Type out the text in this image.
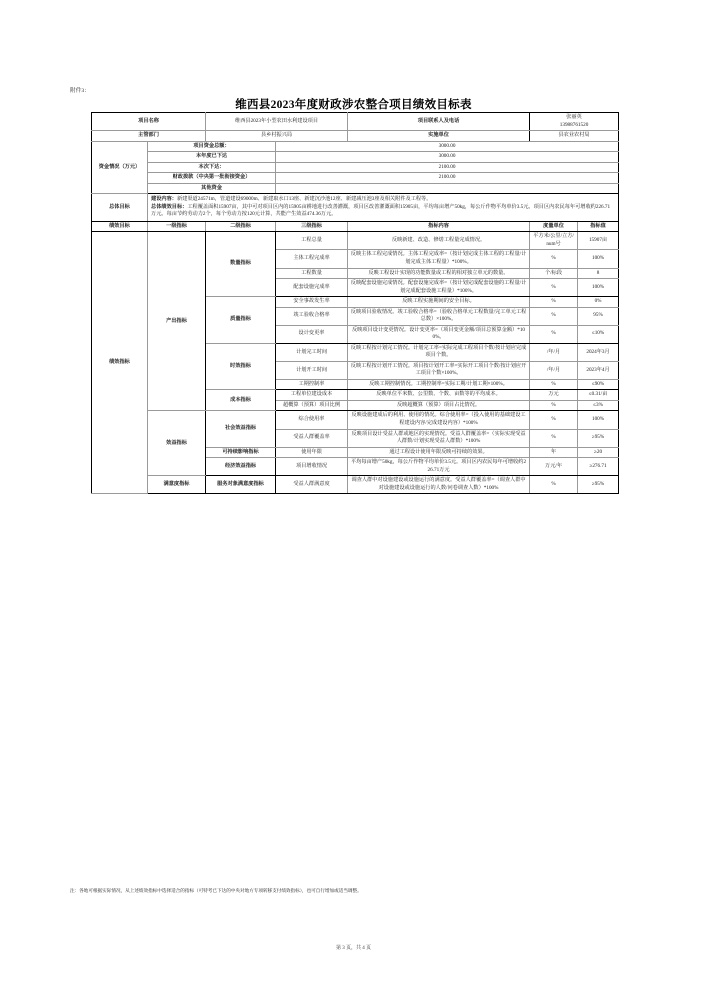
附件3：
维西县2023年度财政涉农整合项目绩效目标表
项目名称		维西县2023年小型农田水利建设项目		项目联系人及电话	张丽英
13988761520	

主管部门		县乡村振兴局		实施单位	县农业农村局	
资金情况（万元）	项目资金总额：		3000.00			
	本年度已下达		3000.00			
	本次下达：		2100.00			
	财政拨款（中央第一批衔接资金）		2100.00			
	其他资金					
总体目标	建设内容：新建渠道24571m，管道建设69000m、新建取水口13座、新建沉沙池12座、新建减压池3座及相关附件及工程等。
总体绩效目标：工程覆盖面积15907亩，其中可对项目区内的15905亩耕地进行改善灌溉，项目区改善灌溉面积15905亩，平均每亩增产50kg，每公斤作物平均单价3.5元。项目区内农民每年可增收约226.71万元。每亩节约劳动力2个，每个劳动力按120元计算，共能产生效益474.36万元。					

绩效目标	一级指标	二级指标	三级指标	指标内容	度量单位	指标值
绩效指标	产出指标	数量指标	工程总量	反映新建、改造、修缮工程量完成情况。	平方米/公里/立方/num号	15907亩
			主体工程完成率	反映主体工程完成情况。主体工程完成率=（按计划完成主体工程的工程量/计划完成主体工程量）*100%。	%	100%
			工程数量	反映工程设计实现的功能数量或工程的相对独立单元的数量。	个/标段	8
			配套设施完成率	反映配套设施完成情况。配套设施完成率=（按计划完成配套设施的工程量/计划完成配套设施工程量）*100%。	%	100%
		质量指标	安全事故发生率	反映工程实施期间的安全目标。	%	0%
			竣工验收合格率	反映项目验收情况。竣工验收合格率=（验收合格单元工程数量/完工单元工程总数）×100%。	%	95%
			设计变更率	反映项目设计变更情况。设计变更率=（项目变更金额/项目总预算金额）*100%。	%	≤10%
		时效指标	计划完工时间	反映工程按计划完工情况。计划完工率=实际完成工程项目个数/按计划应完成项目个数。	/年/月	2024年3月
			计划开工时间	反映工程按计划开工情况。项目按计划开工率=实际开工项目个数/按计划应开工项目个数×100%。	/年/月	2023年4月
			工期控制率	反映工期控制情况。工期控制率=实际工期/计划工期×100%。	%	≤90%
		成本指标	工程单位建设成本	反映单位平米数、公里数、个数、亩数等的平均成本。	万元	≤0.31/亩
			超概算（预算）项目比例	反映超概算（预算）项目占比情况。	%	≤3%
	效益指标	社会效益指标	综合使用率	反映设施建成后的利用、使用的情况。综合使用率=（投入使用的基础建设工程建设内容/完成建设内容）*100%	%	100%
			受益人群覆盖率	反映项目设计受益人群或地区的实现情况。受益人群覆盖率=（实际实现受益人群数/计划实现受益人群数）*100%	%	≥95%
		可持续影响指标	使用年限	通过工程设计使用年限反映可持续的效果。	年	≥20
		经济效益指标	项目增收情况	平均每亩增产50kg，每公斤作物平均单价3.5元。项目区内农民每年可增收约226.71万元	万元/年	≥276.71
	满意度指标	服务对象满意度指标	受益人群满意度	调查人群中对设施建设或设施运行的满意度。受益人群覆盖率=（调查人群中对设施建设或设施运行的人数/问卷调查人数）*100%	%	≥95%
注：各地可根据实际情况，从上述绩效指标中选择适合的指标（可特考已下达的中央对地方专项转移支付绩效指标），也可自行增加或适当调整。
第 3 页，共 4 页
